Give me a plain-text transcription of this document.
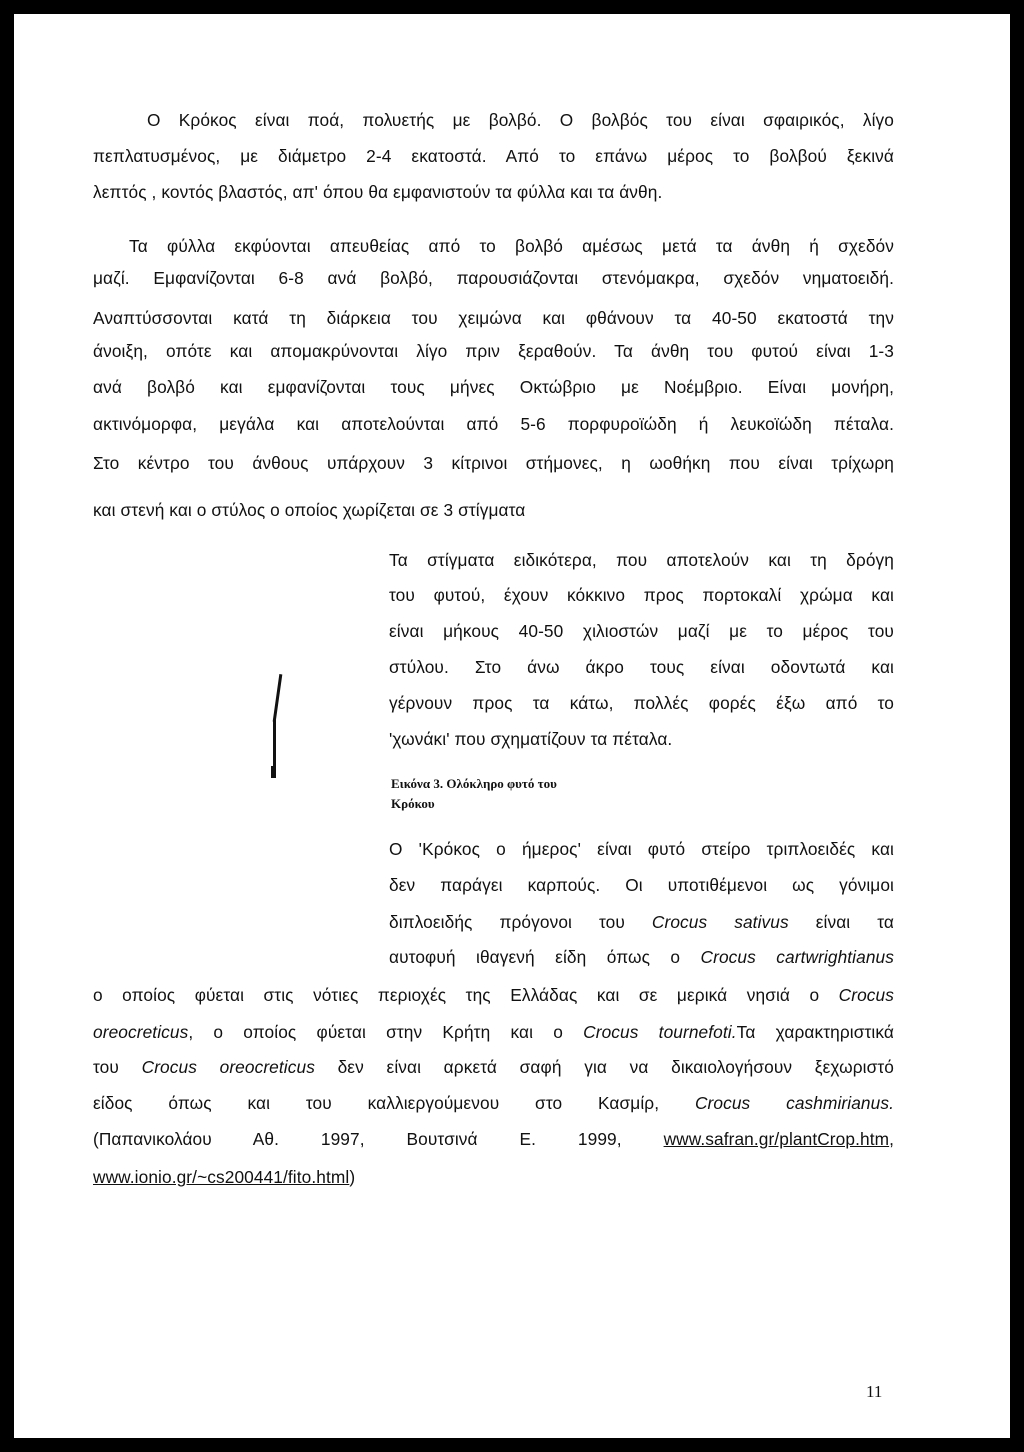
Ο Κρόκος είναι ποά, πολυετής με βολβό. Ο βολβός του είναι σφαιρικός, λίγο
πεπλατυσμένος, με διάμετρο 2-4 εκατοστά. Από το επάνω μέρος το βολβού ξεκινά
λεπτός , κοντός βλαστός, απ' όπου θα εμφανιστούν τα φύλλα και τα άνθη.
Τα φύλλα εκφύονται απευθείας από το βολβό αμέσως μετά τα άνθη ή σχεδόν
μαζί. Εμφανίζονται 6-8 ανά βολβό, παρουσιάζονται στενόμακρα, σχεδόν νηματοειδή.
Αναπτύσσονται κατά τη διάρκεια του χειμώνα και φθάνουν τα 40-50 εκατοστά την
άνοιξη, οπότε και απομακρύνονται λίγο πριν ξεραθούν. Τα άνθη του φυτού είναι 1-3
ανά βολβό και εμφανίζονται τους μήνες Οκτώβριο με Νοέμβριο. Είναι μονήρη,
ακτινόμορφα, μεγάλα και αποτελούνται από 5-6 πορφυροϊώδη ή λευκοϊώδη πέταλα.
Στο κέντρο του άνθους υπάρχουν 3 κίτρινοι στήμονες, η ωοθήκη που είναι τρίχωρη
και στενή και ο στύλος ο οποίος χωρίζεται σε 3 στίγματα
Τα στίγματα ειδικότερα, που αποτελούν και τη δρόγη
του φυτού, έχουν κόκκινο προς πορτοκαλί χρώμα και
είναι μήκους 40-50 χιλιοστών μαζί με το μέρος του
στύλου. Στο άνω άκρο τους είναι οδοντωτά και
γέρνουν προς τα κάτω, πολλές φορές έξω από το
'χωνάκι' που σχηματίζουν τα πέταλα.
Εικόνα 3. Ολόκληρο φυτό του
Κρόκου
Ο 'Κρόκος ο ήμερος' είναι φυτό στείρο τριπλοειδές και
δεν παράγει καρπούς. Οι υποτιθέμενοι ως γόνιμοι
διπλοειδής πρόγονοι του Crocus sativus είναι τα
αυτοφυή ιθαγενή είδη όπως ο Crocus cartwrightianus
ο οποίος φύεται στις νότιες περιοχές της Ελλάδας και σε μερικά νησιά ο Crocus
oreocreticus, ο οποίος φύεται στην Κρήτη και ο Crocus tournefoti.Τα χαρακτηριστικά
του Crocus oreocreticus δεν είναι αρκετά σαφή για να δικαιολογήσουν ξεχωριστό
είδος όπως και του καλλιεργούμενου στο Κασμίρ, Crocus cashmirianus.
(Παπανικολάου Αθ. 1997, Βουτσινά Ε. 1999, www.safran.gr/plantCrop.htm,
www.ionio.gr/~cs200441/fito.html)
11
